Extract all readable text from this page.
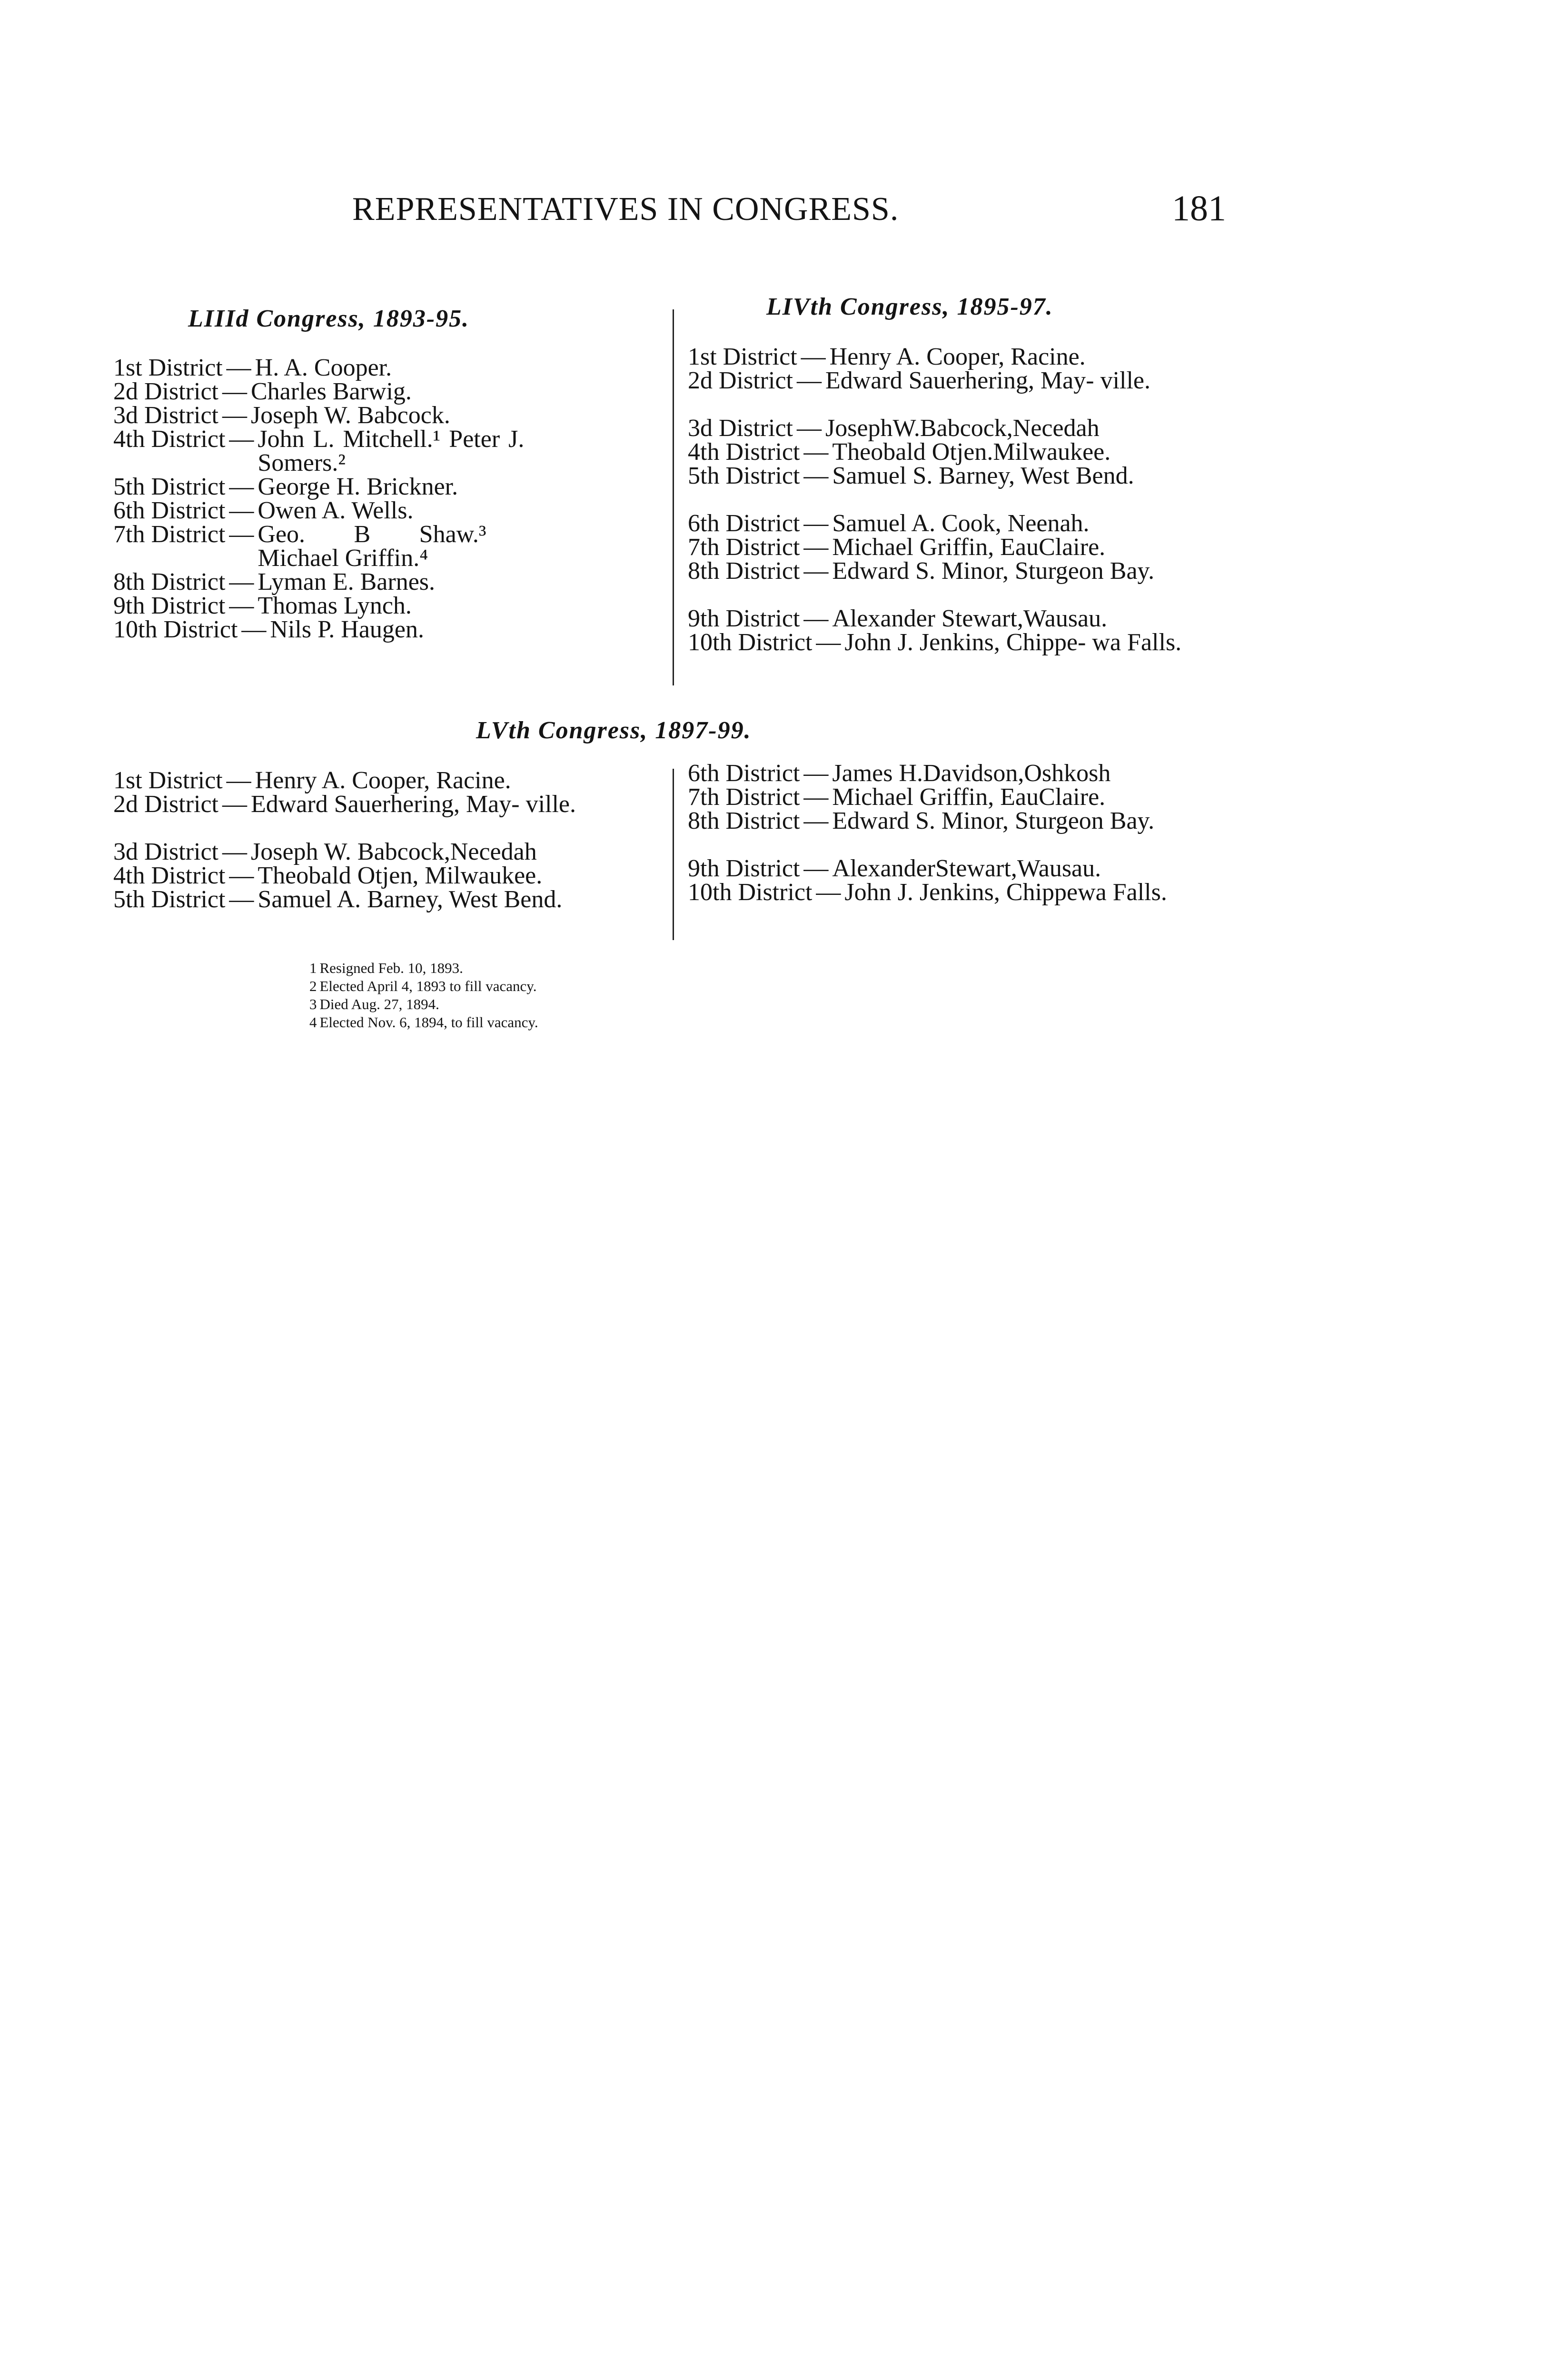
REPRESENTATIVES IN CONGRESS.	181
LIIId Congress, 1893-95.
1st District — H. A. Cooper.
2d District — Charles Barwig.
3d District — Joseph W. Babcock.
4th District — John L. Mitchell.¹ Peter J. Somers.²
5th District — George H. Brickner.
6th District — Owen A. Wells.
7th District — Geo. B Shaw.³ Michael Griffin.⁴
8th District — Lyman E. Barnes.
9th District — Thomas Lynch.
10th District — Nils P. Haugen.
LIVth Congress, 1895-97.
1st District — Henry A. Cooper, Racine.
2d District — Edward Sauerhering, May- ville.
3d District — JosephW.Babcock,Necedah
4th District — Theobald Otjen.Milwaukee.
5th District — Samuel S. Barney, West Bend.
6th District — Samuel A. Cook, Neenah.
7th District — Michael Griffin, EauClaire.
8th District — Edward S. Minor, Sturgeon Bay.
9th District — Alexander Stewart,Wausau.
10th District — John J. Jenkins, Chippe- wa Falls.
LVth Congress, 1897-99.
1st District — Henry A. Cooper, Racine.
2d District — Edward Sauerhering, May- ville.
3d District — Joseph W. Babcock,Necedah
4th District — Theobald Otjen, Milwaukee.
5th District — Samuel A. Barney, West Bend.
6th District — James H.Davidson,Oshkosh
7th District — Michael Griffin, EauClaire.
8th District — Edward S. Minor, Sturgeon Bay.
9th District — AlexanderStewart,Wausau.
10th District — John J. Jenkins, Chippewa Falls.
1 Resigned Feb. 10, 1893.
2 Elected April 4, 1893 to fill vacancy.
3 Died Aug. 27, 1894.
4 Elected Nov. 6, 1894, to fill vacancy.
